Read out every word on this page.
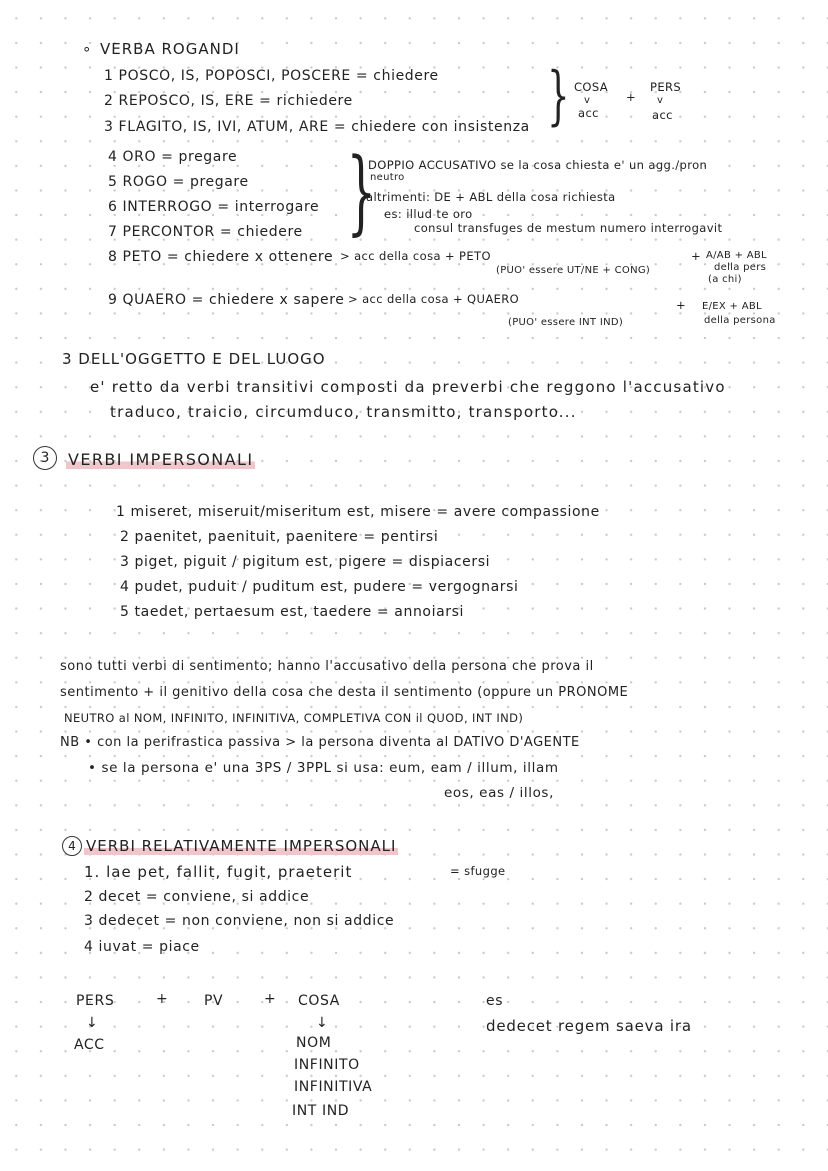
∘ VERBA ROGANDI
1 POSCO, IS, POPOSCI, POSCERE = chiedere
2 REPOSCO, IS, ERE = richiedere
3 FLAGITO, IS, IVI, ATUM, ARE = chiedere con insistenza } COSA	PERS
+
v	v
acc	acc
4 ORO = pregare
5 ROGO = pregare
6 INTERROGO = interrogare
7 PERCONTOR = chiedere
8 PETO = chiedere x ottenere
}
DOPPIO ACCUSATIVO se la cosa chiesta e' un agg./pron
neutro
altrimenti: DE + ABL della cosa richiesta
es: illud te oro
consul transfuges de mestum numero interrogavit
> acc della cosa + PETO
(PUO' essere UT/NE + CONG)
+ A/AB + ABL
della pers
(a chi)
9 QUAERO = chiedere x sapere > acc della cosa + QUAERO
(PUO' essere INT IND)
+ E/EX + ABL
della persona
3 DELL'OGGETTO E DEL LUOGO
e' retto da verbi transitivi composti da preverbi che reggono l'accusativo
traduco, traicio, circumduco, transmitto, transporto...
3	VERBI IMPERSONALI
1 miseret, miseruit/miseritum est, misere = avere compassione
2 paenitet, paenituit, paenitere = pentirsi
3 piget, piguit / pigitum est, pigere = dispiacersi
4 pudet, puduit / puditum est, pudere = vergognarsi
5 taedet, pertaesum est, taedere = annoiarsi
sono tutti verbi di sentimento; hanno l'accusativo della persona che prova il
sentimento + il genitivo della cosa che desta il sentimento (oppure un PRONOME
NEUTRO al NOM, INFINITO, INFINITIVA, COMPLETIVA CON il QUOD, INT IND)
NB • con la perifrastica passiva > la persona diventa al DATIVO D'AGENTE
• se la persona e' una 3PS / 3PPL si usa: eum, eam / illum, illam
eos, eas / illos,
4 VERBI RELATIVAMENTE IMPERSONALI
1. lae pet, fallit, fugit, praeterit	= sfugge
2 decet = conviene, si addice
3 dedecet = non conviene, non si addice
4 iuvat = piace
PERS	+	PV	+ COSA
↓	↓
ACC	NOM
INFINITO
INFINITIVA
INT IND
es
dedecet regem saeva ira
